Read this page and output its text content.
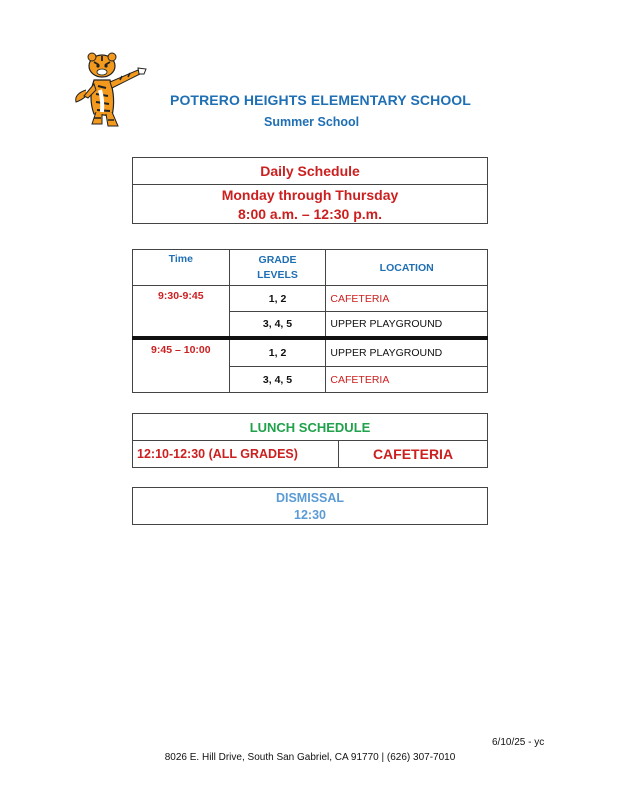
POTRERO HEIGHTS ELEMENTARY SCHOOL
Summer School
Daily Schedule
Monday through Thursday
8:00 a.m. – 12:30 p.m.
Time	GRADE LEVELS	LOCATION
9:30-9:45	1, 2	CAFETERIA
	3, 4, 5	UPPER PLAYGROUND
9:45 – 10:00	1, 2	UPPER PLAYGROUND
	3, 4, 5	CAFETERIA
LUNCH SCHEDULE
12:10-12:30 (ALL GRADES)	CAFETERIA
DISMISSAL
12:30
6/10/25 - yc
8026 E. Hill Drive, South San Gabriel, CA 91770 | (626) 307-7010
